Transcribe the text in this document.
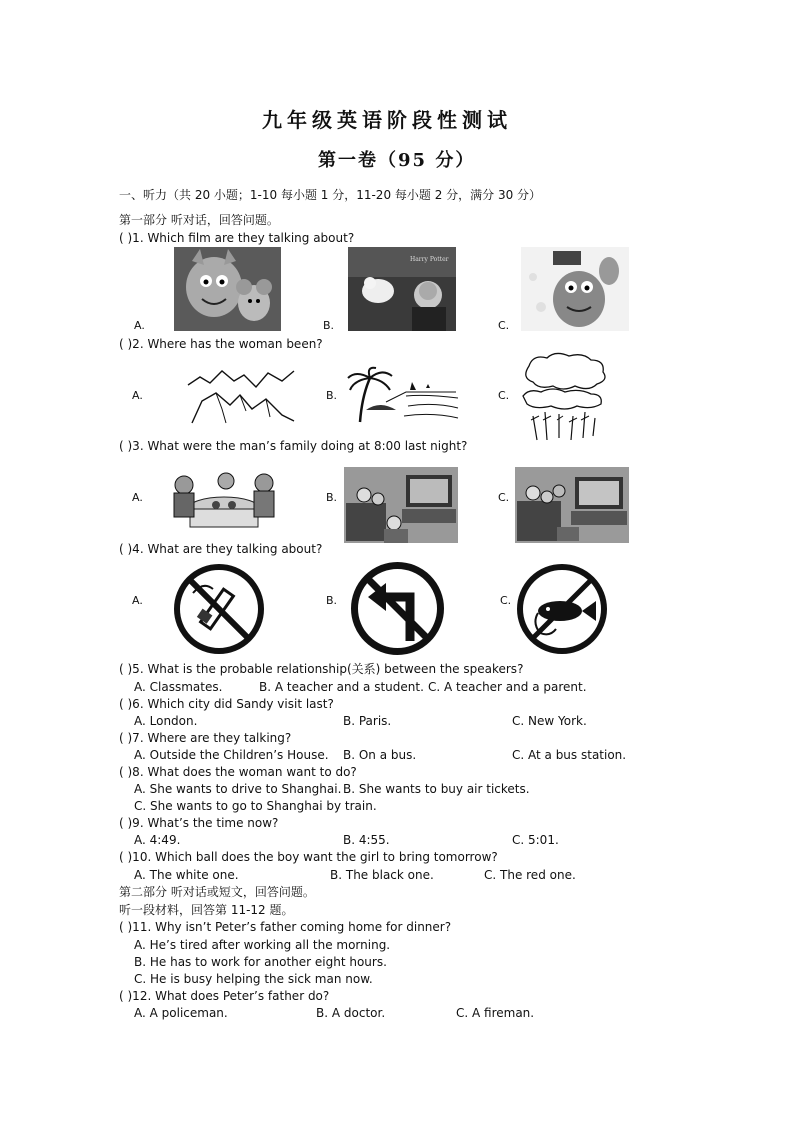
九年级英语阶段性测试
第一卷（95 分）
一、听力（共 20 小题；1-10 每小题 1 分，11-20 每小题 2 分，满分 30 分）
第一部分 听对话，回答问题。
( )1. Which film are they talking about?
A.	B.
Harry Potter
C.
( )2. Where has the woman been?
A.	B.	C.
( )3. What were the man’s family doing at 8:00 last night?
A.	B.	C.
( )4. What are they talking about?
A.	B.	C.
( )5. What is the probable relationship(关系) between the speakers?
A. Classmates.	B. A teacher and a student. C. A teacher and a parent.
( )6. Which city did Sandy visit last?
A. London.	B. Paris.	C. New York.
( )7. Where are they talking?
A. Outside the Children’s House. B. On a bus.	C. At a bus station.
( )8. What does the woman want to do?
A. She wants to drive to Shanghai. B. She wants to buy air tickets.
C. She wants to go to Shanghai by train.
( )9. What’s the time now?
A. 4:49.	B. 4:55.	C. 5:01.
( )10. Which ball does the boy want the girl to bring tomorrow?
A. The white one.	B. The black one.	C. The red one.
第二部分 听对话或短文，回答问题。
听一段材料，回答第 11-12 题。
( )11. Why isn’t Peter’s father coming home for dinner?
A. He’s tired after working all the morning.
B. He has to work for another eight hours.
C. He is busy helping the sick man now.
( )12. What does Peter’s father do?
A. A policeman.	B. A doctor.	C. A fireman.
